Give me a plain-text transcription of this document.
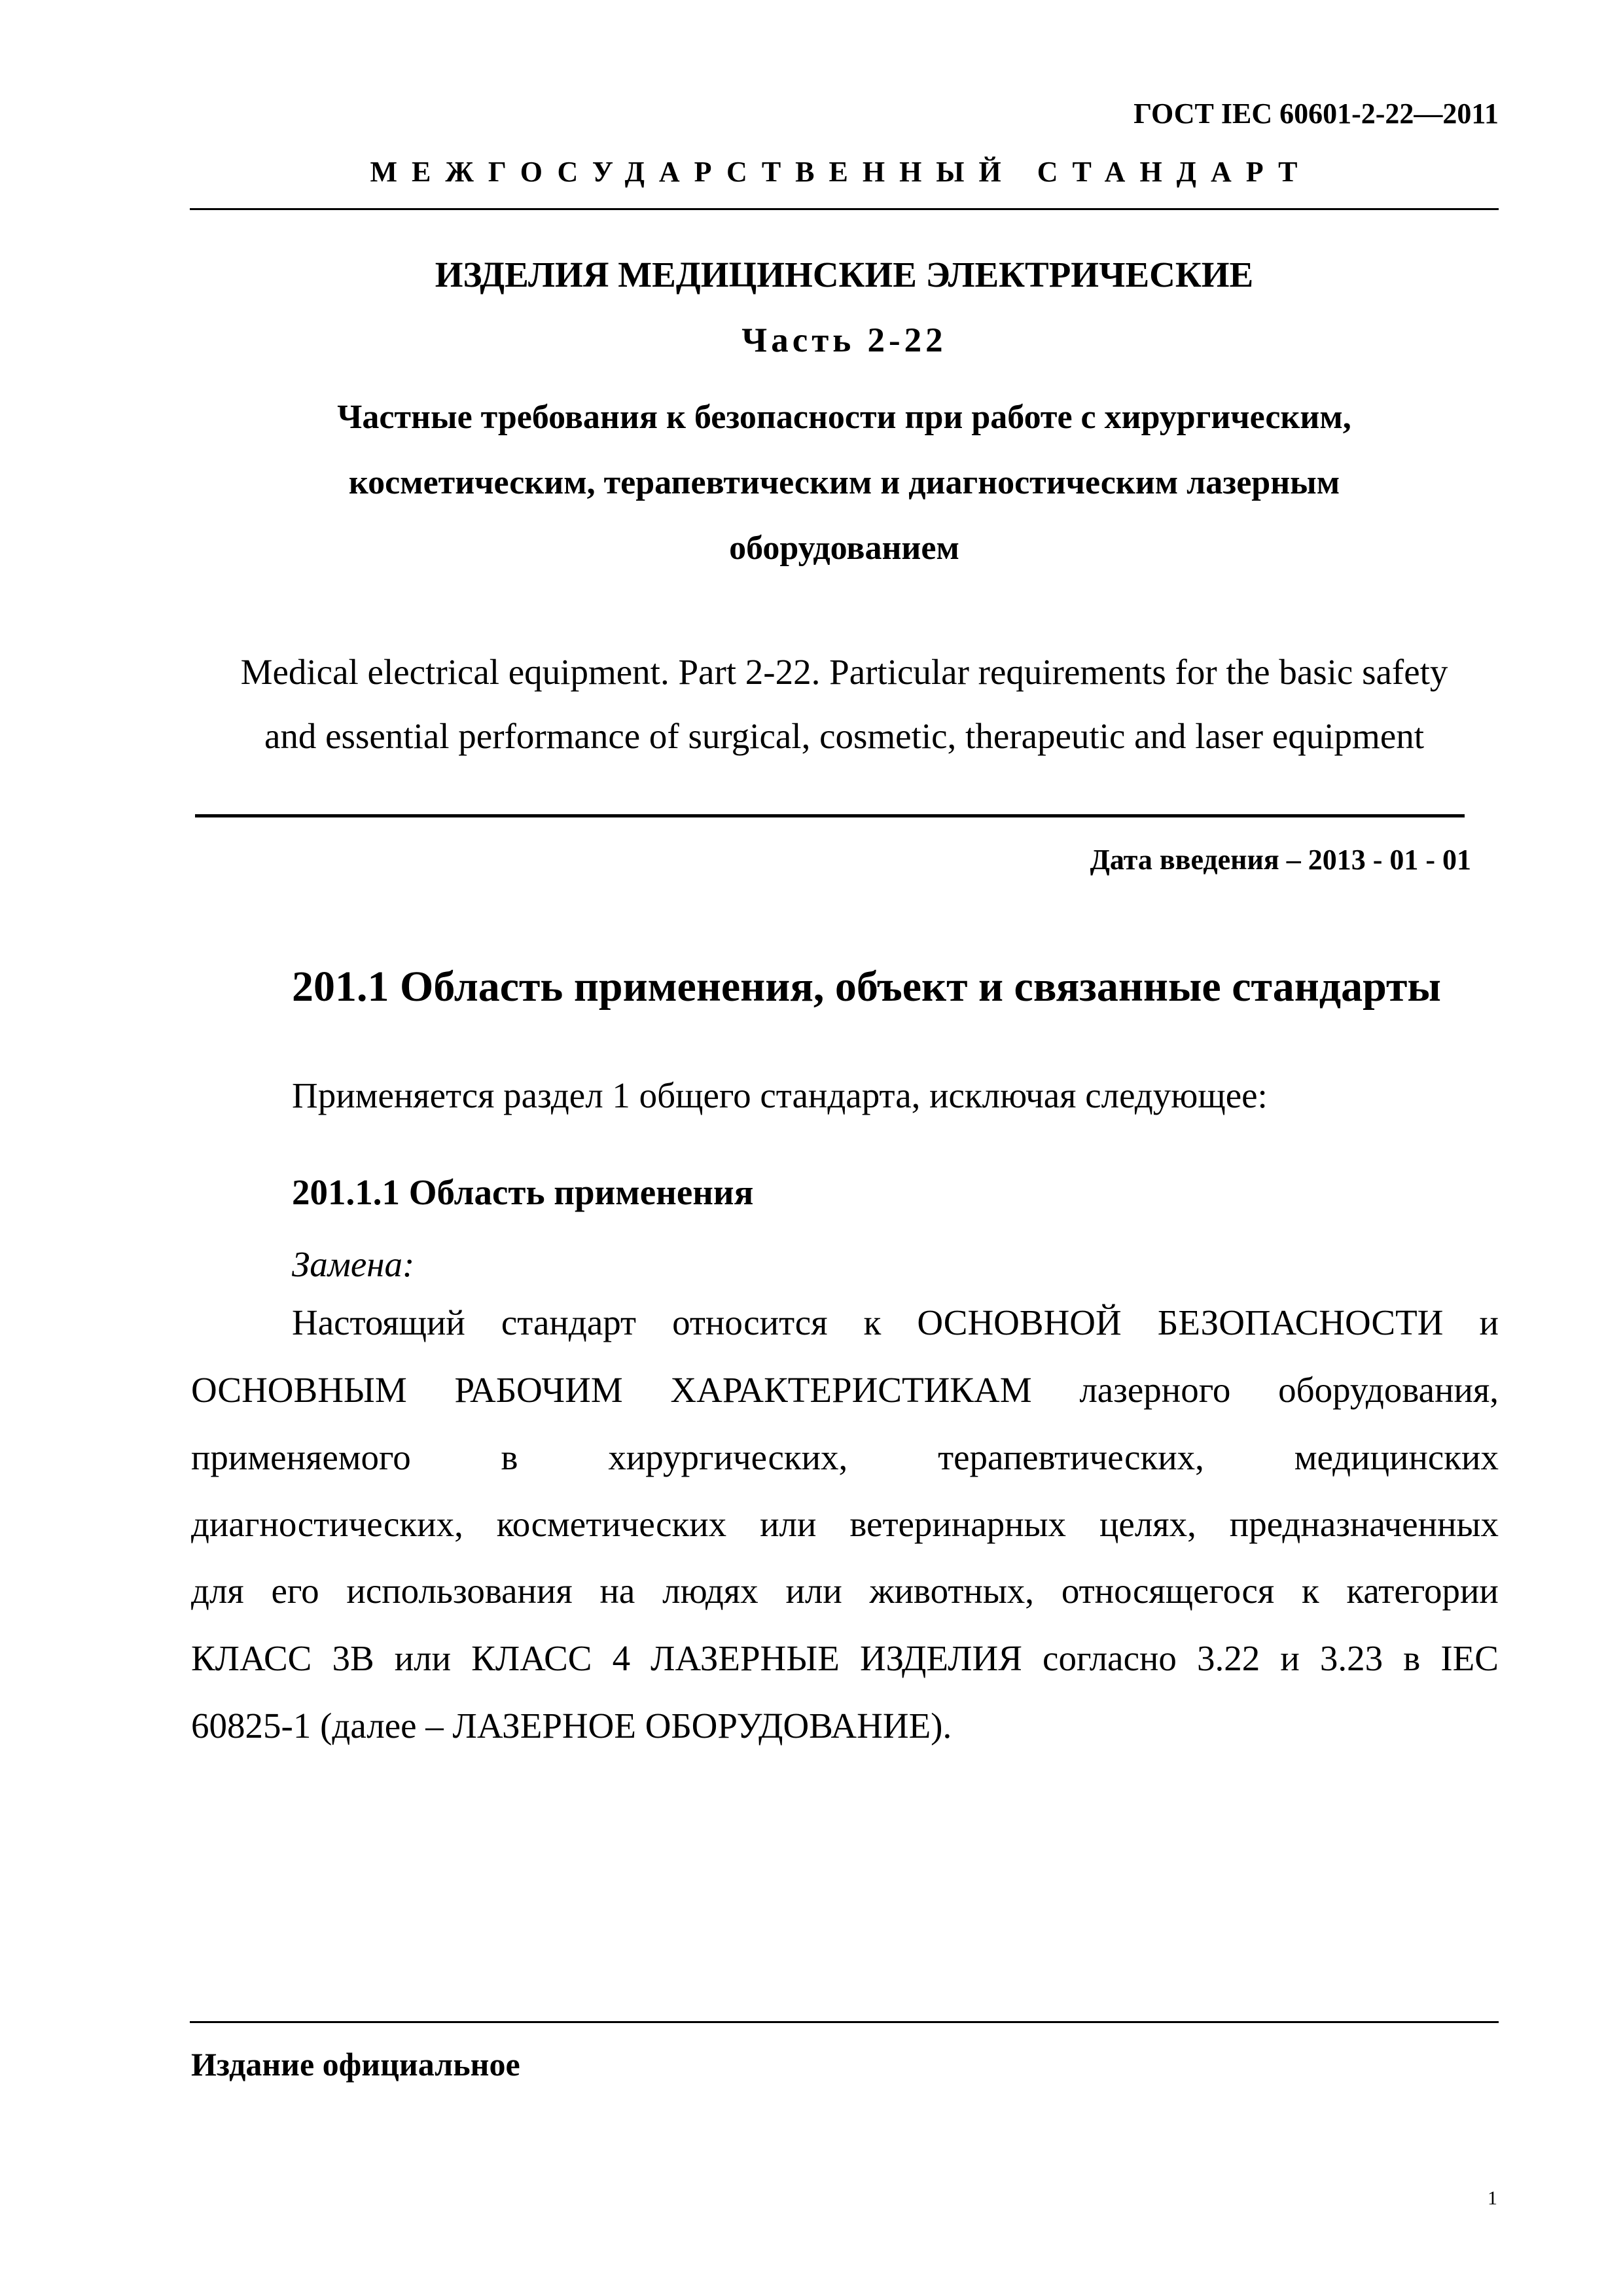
ГОСТ IEC 60601-2-22—2011
МЕЖГОСУДАРСТВЕННЫЙ СТАНДАРТ
ИЗДЕЛИЯ МЕДИЦИНСКИЕ ЭЛЕКТРИЧЕСКИЕ
Часть 2-22
Частные требования к безопасности при работе с хирургическим,
косметическим, терапевтическим и диагностическим лазерным
оборудованием
Medical electrical equipment. Part 2-22. Particular requirements for the basic safety
and essential performance of surgical, cosmetic, therapeutic and laser equipment
Дата введения – 2013 - 01 - 01
201.1 Область применения, объект и связанные стандарты
Применяется раздел 1 общего стандарта, исключая следующее:
201.1.1 Область применения
Замена:
Настоящий стандарт относится к ОСНОВНОЙ БЕЗОПАСНОСТИ и
ОСНОВНЫМ РАБОЧИМ ХАРАКТЕРИСТИКАМ лазерного оборудования,
применяемого	в	хирургических,	терапевтических,	медицинских
диагностических, косметических или ветеринарных целях, предназначенных
для его использования на людях или животных, относящегося к категории
КЛАСС 3В или КЛАСС 4 ЛАЗЕРНЫЕ ИЗДЕЛИЯ согласно 3.22 и 3.23 в IEC
60825-1 (далее – ЛАЗЕРНОЕ ОБОРУДОВАНИЕ).
Издание официальное
1
